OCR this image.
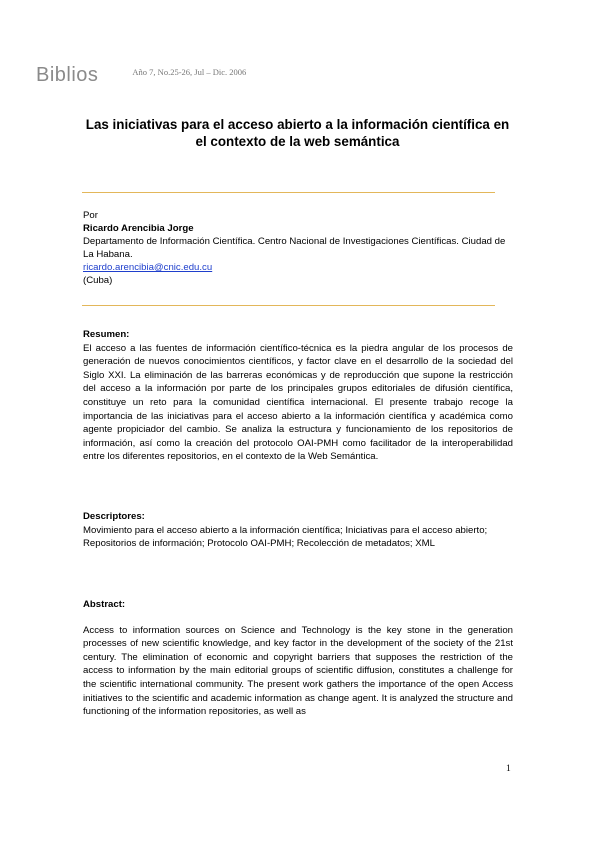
Biblios	Año 7, No.25-26, Jul – Dic. 2006
Las iniciativas para el acceso abierto a la información científica en el contexto de la web semántica
Por
Ricardo Arencibia Jorge
Departamento de Información Científica. Centro Nacional de Investigaciones Científicas. Ciudad de La Habana.
ricardo.arencibia@cnic.edu.cu
(Cuba)
Resumen:

El acceso a las fuentes de información científico-técnica es la piedra angular de los procesos de generación de nuevos conocimientos científicos, y factor clave en el desarrollo de la sociedad del Siglo XXI. La eliminación de las barreras económicas y de reproducción que supone la restricción del acceso a la información por parte de los principales grupos editoriales de difusión científica, constituye un reto para la comunidad científica internacional. El presente trabajo recoge la importancia de las iniciativas para el acceso abierto a la información científica y académica como agente propiciador del cambio. Se analiza la estructura y funcionamiento de los repositorios de información, así como la creación del protocolo OAI-PMH como facilitador de la interoperabilidad entre los diferentes repositorios, en el contexto de la Web Semántica.

Descriptores:

Movimiento para el acceso abierto a la información científica; Iniciativas para el acceso abierto; Repositorios de información; Protocolo OAI-PMH; Recolección de metadatos; XML

Abstract:

Access to information sources on Science and Technology is the key stone in the generation processes of new scientific knowledge, and key factor in the development of the society of the 21st century. The elimination of economic and copyright barriers that supposes the restriction of the access to information by the main editorial groups of scientific diffusion, constitutes a challenge for the scientific international community. The present work gathers the importance of the open Access initiatives to the scientific and academic information as change agent. It is analyzed the structure and functioning of the information repositories, as well as

1
